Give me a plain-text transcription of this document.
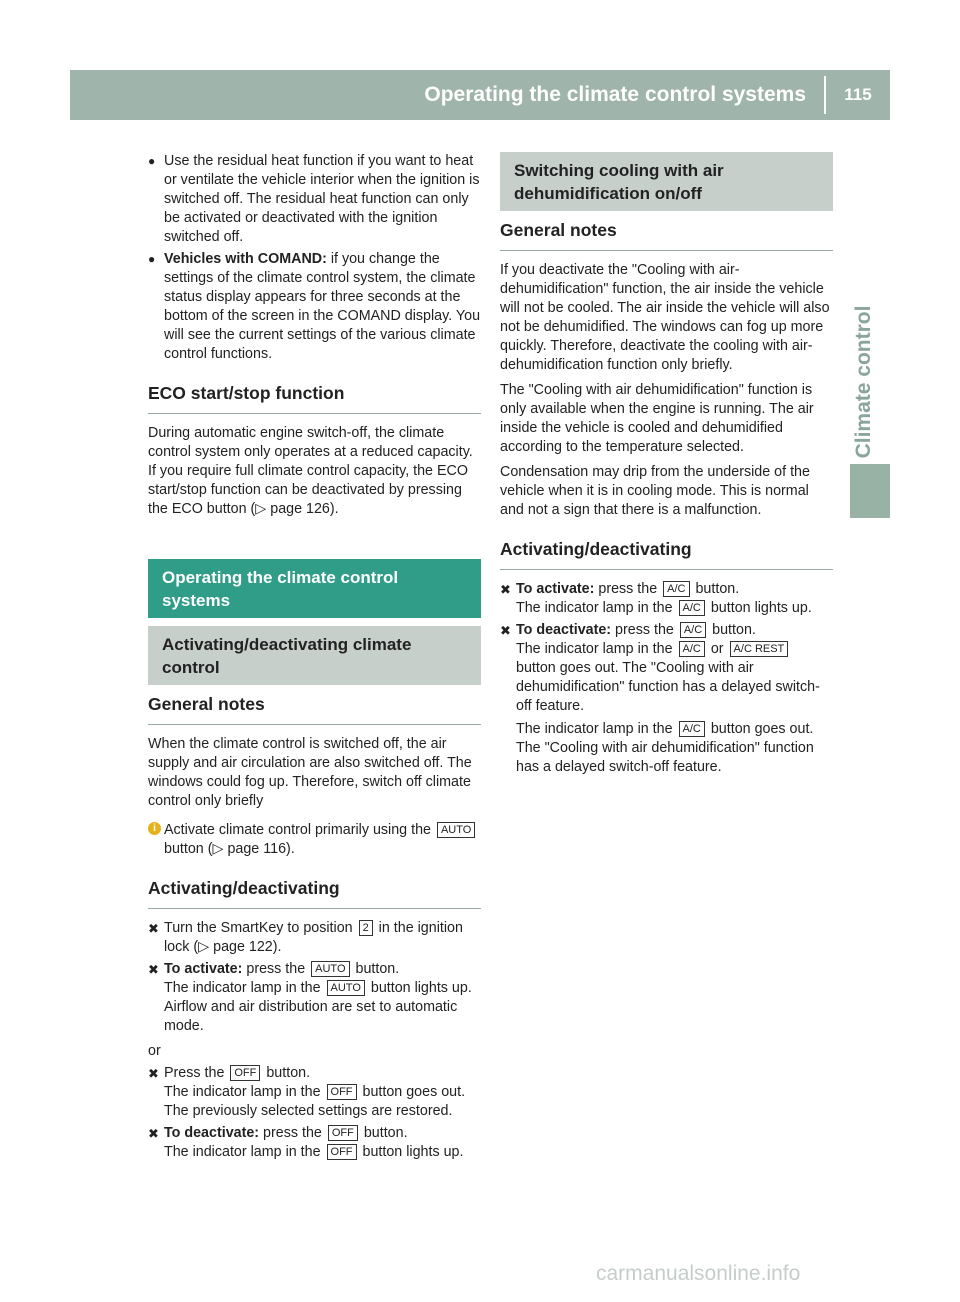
Operating the climate control systems	115
Climate control
● Use the residual heat function if you want to heat or ventilate the vehicle interior when the ignition is switched off. The residual heat function can only be activated or deactivated with the ignition switched off.
● Vehicles with COMAND: if you change the settings of the climate control system, the climate status display appears for three seconds at the bottom of the screen in the COMAND display. You will see the current settings of the various climate control functions.
ECO start/stop function

During automatic engine switch-off, the climate control system only operates at a reduced capacity. If you require full climate control capacity, the ECO start/stop function can be deactivated by pressing the ECO button (▷ page 126).

Operating the climate control systems
Activating/deactivating climate control
General notes

When the climate control is switched off, the air supply and air circulation are also switched off. The windows could fog up. Therefore, switch off climate control only briefly

i Activate climate control primarily using the AUTO button (▷ page 116).
Activating/deactivating
✖ Turn the SmartKey to position 2 in the ignition lock (▷ page 122).
✖ To activate: press the AUTO button.
The indicator lamp in the AUTO button lights up. Airflow and air distribution are set to automatic mode.

or

✖ Press the OFF button.
The indicator lamp in the OFF button goes out. The previously selected settings are restored.
✖ To deactivate: press the OFF button.
The indicator lamp in the OFF button lights up.
Switching cooling with air dehumidification on/off
General notes

If you deactivate the "Cooling with air-dehumidification" function, the air inside the vehicle will not be cooled. The air inside the vehicle will also not be dehumidified. The windows can fog up more quickly. Therefore, deactivate the cooling with air-dehumidification function only briefly.

The "Cooling with air dehumidification" function is only available when the engine is running. The air inside the vehicle is cooled and dehumidified according to the temperature selected.

Condensation may drip from the underside of the vehicle when it is in cooling mode. This is normal and not a sign that there is a malfunction.

Activating/deactivating
✖ To activate: press the A/C button.
The indicator lamp in the A/C button lights up.
✖ To deactivate: press the A/C button.
The indicator lamp in the A/C or A/C REST button goes out. The "Cooling with air dehumidification" function has a delayed switch-off feature.
The indicator lamp in the A/C button goes out. The "Cooling with air dehumidification" function has a delayed switch-off feature.
carmanualsonline.info
